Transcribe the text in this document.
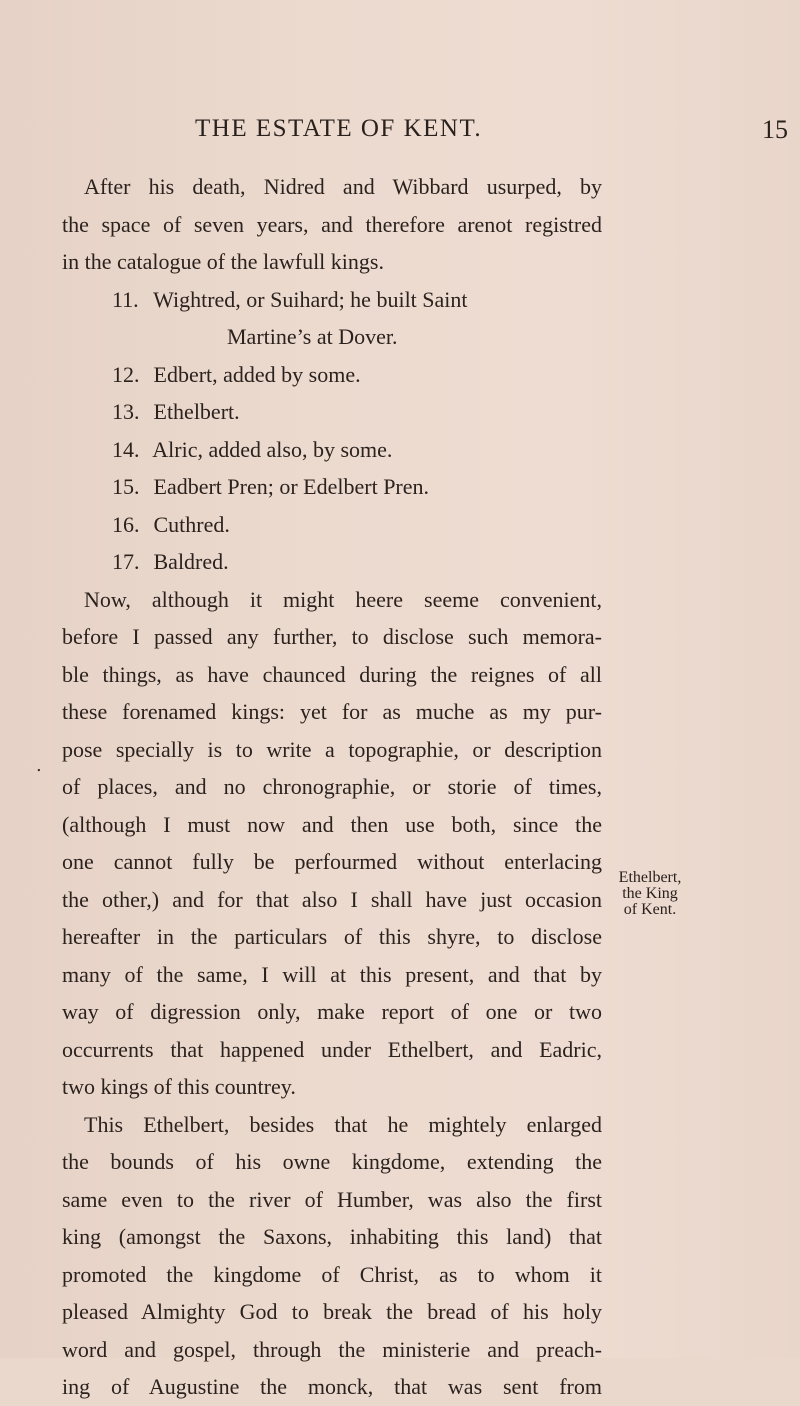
THE ESTATE OF KENT.	15
.
After his death, Nidred and Wibbard usurped, by
the space of seven years, and therefore arenot registred
in the catalogue of the lawfull kings.
11. Wightred, or Suihard; he built Saint
Martine’s at Dover.
12. Edbert, added by some.
13. Ethelbert.
14. Alric, added also, by some.
15. Eadbert Pren; or Edelbert Pren.
16. Cuthred.
17. Baldred.
Now, although it might heere seeme convenient,
before I passed any further, to disclose such memora-
ble things, as have chaunced during the reignes of all
these forenamed kings: yet for as muche as my pur-
pose specially is to write a topographie, or description
of places, and no chronographie, or storie of times,
(although I must now and then use both, since the
one cannot fully be perfourmed without enterlacing
the other,) and for that also I shall have just occasion
hereafter in the particulars of this shyre, to disclose
many of the same, I will at this present, and that by
way of digression only, make report of one or two
occurrents that happened under Ethelbert, and Eadric,
two kings of this countrey.
This Ethelbert, besides that he mightely enlarged
the bounds of his owne kingdome, extending the
same even to the river of Humber, was also the first
king (amongst the Saxons, inhabiting this land) that
promoted the kingdome of Christ, as to whom it
pleased Almighty God to break the bread of his holy
word and gospel, through the ministerie and preach-
ing of Augustine the monck, that was sent from
Ethelbert,
the King
of Kent.
